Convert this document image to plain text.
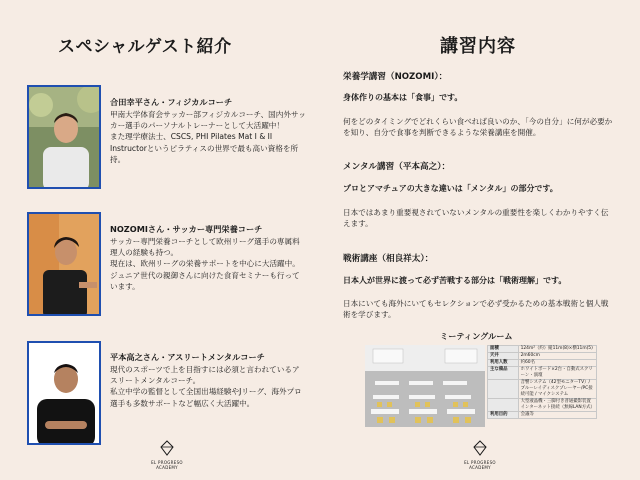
スペシャルゲスト紹介
合田幸平さん・フィジカルコーチ
甲南大学体育会サッカー部フィジカルコーチ、国内外サッカー選手のパーソナルトレーナーとして大活躍中！
また理学療法士、CSCS, PHI Pilates Mat I & II Instructorというピラティスの世界で最も高い資格を所持。
NOZOMIさん・サッカー専門栄養コーチ
サッカー専門栄養コーチとして欧州リーグ選手の専属料理人の経験も持つ。
現在は、欧州リーグの栄養サポートを中心に大活躍中。
ジュニア世代の親御さんに向けた食育セミナーも行っています。
平本高之さん・アスリートメンタルコーチ
現代のスポーツで上を目指すには必須と言われているアスリートメンタルコーチ。
私立中学の監督として全国出場経験やJリーグ、海外プロ選手も多数サポートなど幅広く大活躍中。
EL PROGRESO
ACADEMY
講習内容
栄養学講習（NOZOMI）：
身体作りの基本は「食事」です。
何をどのタイミングでどれくらい食べれば良いのか、「今の自分」に何が必要かを知り、自分で食事を判断できるような栄養講座を開催。
メンタル講習（平本高之）：
プロとアマチュアの大きな違いは「メンタル」の部分です。
日本ではあまり重要視されていないメンタルの重要性を楽しくわかりやすく伝えます。
戦術講座（相良祥太）：
日本人が世界に渡って必ず苦戦する部分は「戦術理解」です。
日本にいても海外にいてもセレクションで必ず受かるための基本戦術と個人戦術を学びます。
ミーティングルーム
面積	124m²（約）縦11m(8)×横11m(5)
天井	2m60cm
利用人数	約60名
主な備品	ホワイトボード×2台・自動式スクリーン・演壇
	音響システム（42型モニターTV）/ブルーレイディスクプレーヤー/PC接続可能 / マイクシステム
	大型液晶機・三脚付き普通撮影装置 インターネット接続（無線LAN方式）
利用目的	会議等
EL PROGRESO
ACADEMY
